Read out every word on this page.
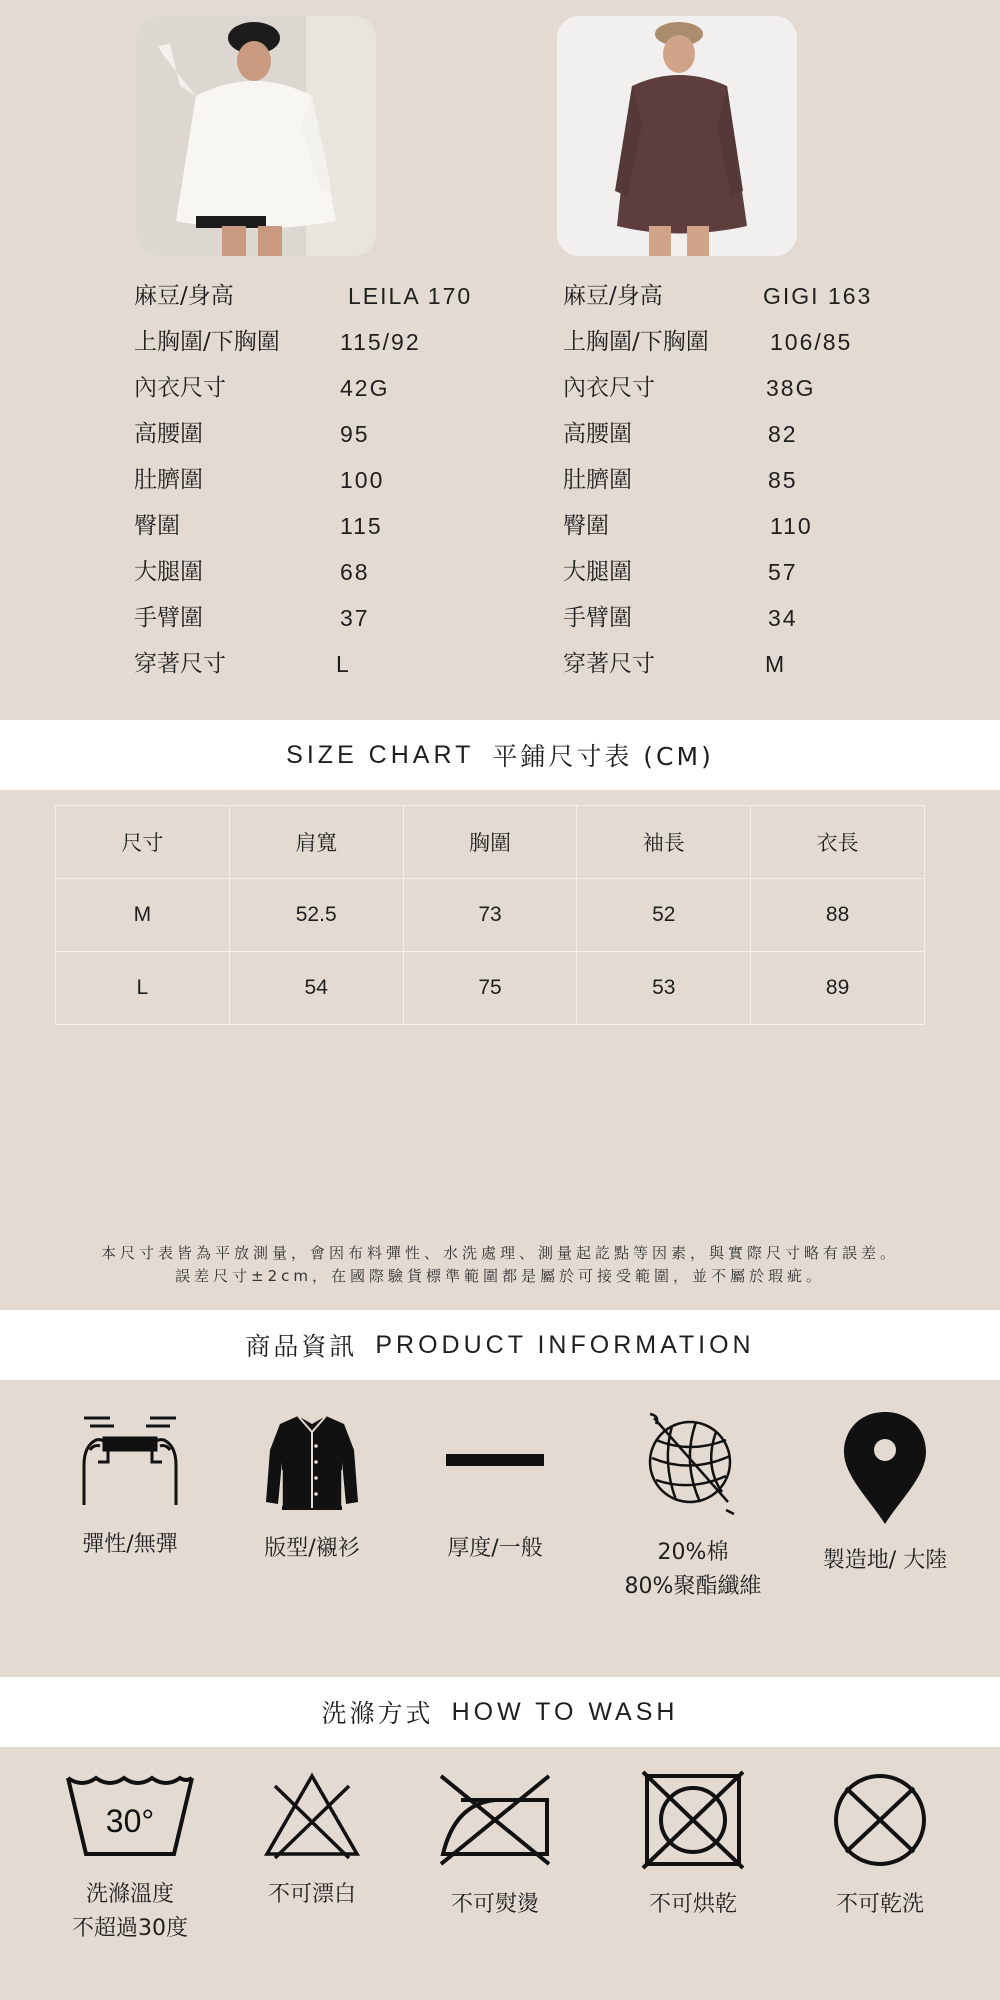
麻豆/身高	LEILA 170
上胸圍/下胸圍	115/92
內衣尺寸	42G
高腰圍	95
肚臍圍	100
臀圍	115
大腿圍	68
手臂圍	37
穿著尺寸	L
麻豆/身高	GIGI 163
上胸圍/下胸圍	106/85
內衣尺寸	38G
高腰圍	82
肚臍圍	85
臀圍	110
大腿圍	57
手臂圍	34
穿著尺寸	M
SIZE CHART 平鋪尺寸表 (CM)
尺寸	肩寬	胸圍	袖長	衣長
M	52.5	73	52	88
L	54	75	53	89
本尺寸表皆為平放測量，會因布料彈性、水洗處理、測量起訖點等因素，與實際尺寸略有誤差。
誤差尺寸±2cm，在國際驗貨標準範圍都是屬於可接受範圍，並不屬於瑕疵。
商品資訊 PRODUCT INFORMATION
彈性/無彈	版型/襯衫	厚度/一般	20%棉
80%聚酯纖維
製造地/ 大陸
洗滌方式 HOW TO WASH
30°
洗滌溫度
不超過30度
不可漂白	不可熨燙	不可烘乾	不可乾洗
